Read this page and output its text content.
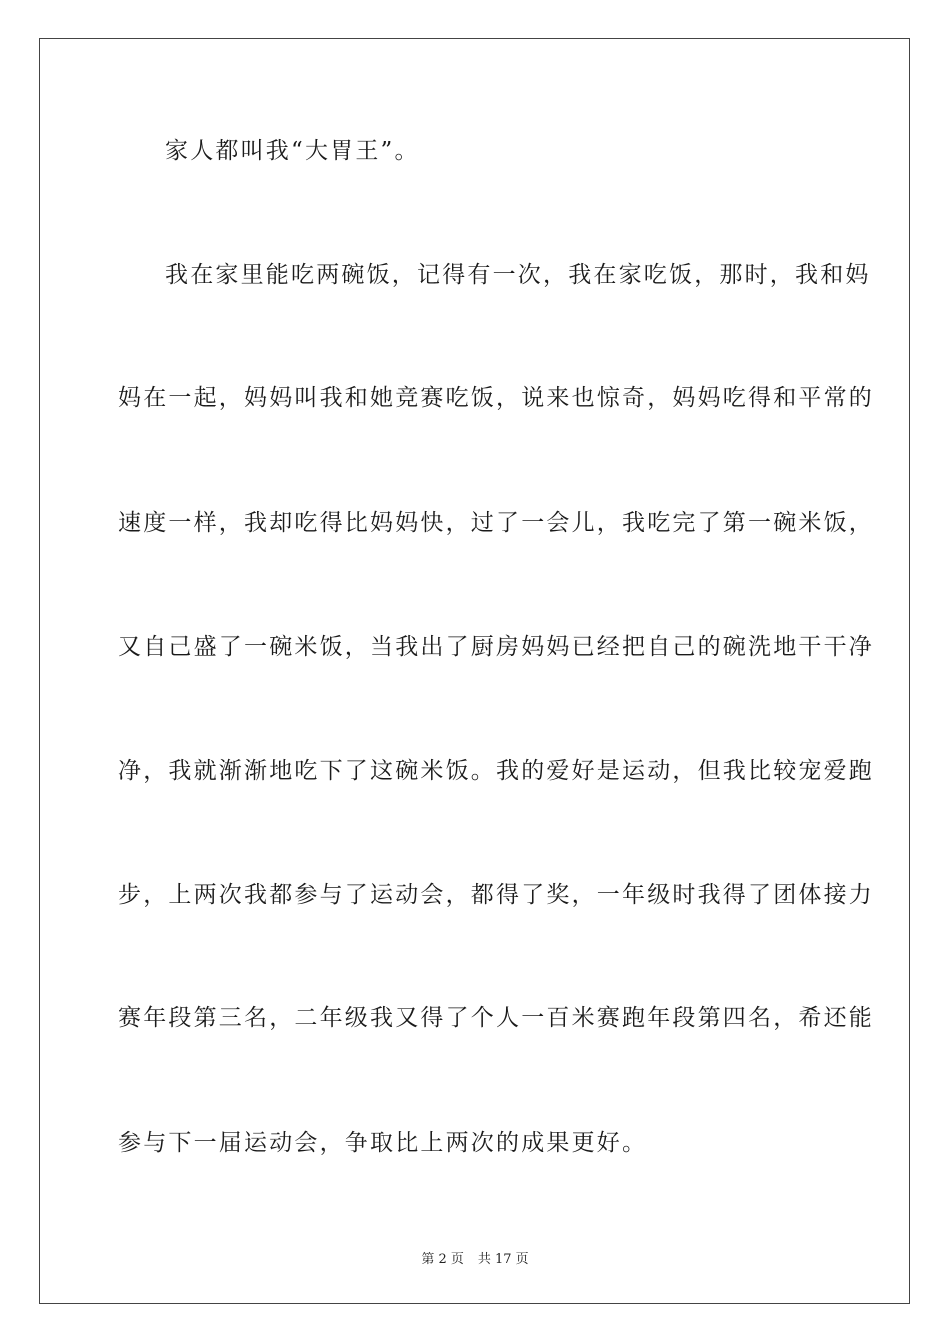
家人都叫我“大胃王”。
我在家里能吃两碗饭，记得有一次，我在家吃饭，那时，我和妈
妈在一起，妈妈叫我和她竞赛吃饭，说来也惊奇，妈妈吃得和平常的
速度一样，我却吃得比妈妈快，过了一会儿，我吃完了第一碗米饭，
又自己盛了一碗米饭，当我出了厨房妈妈已经把自己的碗洗地干干净
净，我就渐渐地吃下了这碗米饭。我的爱好是运动，但我比较宠爱跑
步，上两次我都参与了运动会，都得了奖，一年级时我得了团体接力
赛年段第三名，二年级我又得了个人一百米赛跑年段第四名，希还能
参与下一届运动会，争取比上两次的成果更好。
第 2 页 共 17 页
